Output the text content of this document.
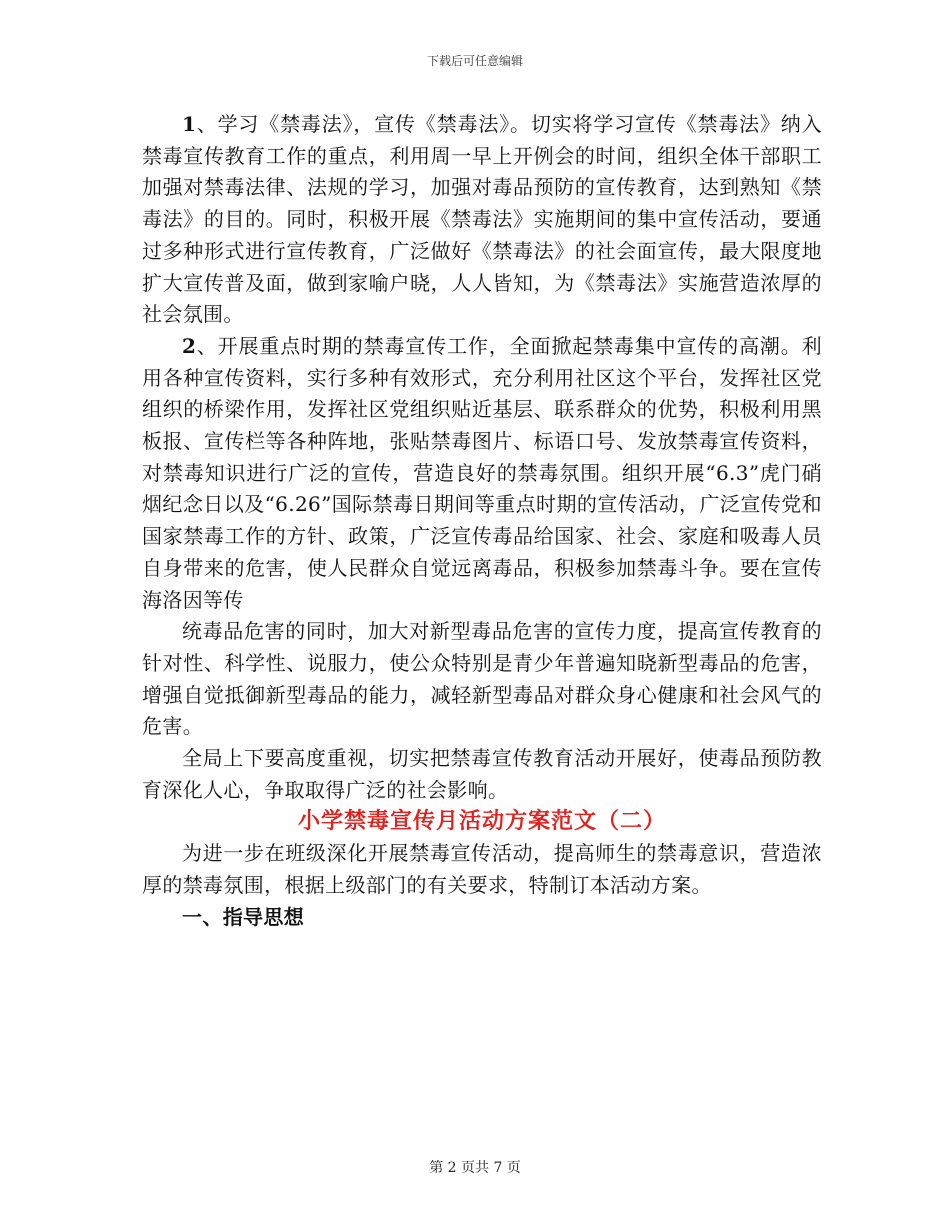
下载后可任意编辑

1、学习《禁毒法》，宣传《禁毒法》。切实将学习宣传《禁毒法》纳入禁毒宣传教育工作的重点，利用周一早上开例会的时间，组织全体干部职工加强对禁毒法律、法规的学习，加强对毒品预防的宣传教育，达到熟知《禁毒法》的目的。同时，积极开展《禁毒法》实施期间的集中宣传活动，要通过多种形式进行宣传教育，广泛做好《禁毒法》的社会面宣传，最大限度地扩大宣传普及面，做到家喻户晓，人人皆知，为《禁毒法》实施营造浓厚的社会氛围。

2、开展重点时期的禁毒宣传工作，全面掀起禁毒集中宣传的高潮。利用各种宣传资料，实行多种有效形式，充分利用社区这个平台，发挥社区党组织的桥梁作用，发挥社区党组织贴近基层、联系群众的优势，积极利用黑板报、宣传栏等各种阵地，张贴禁毒图片、标语口号、发放禁毒宣传资料，对禁毒知识进行广泛的宣传，营造良好的禁毒氛围。组织开展“6.3”虎门硝烟纪念日以及“6.26”国际禁毒日期间等重点时期的宣传活动，广泛宣传党和国家禁毒工作的方针、政策，广泛宣传毒品给国家、社会、家庭和吸毒人员自身带来的危害，使人民群众自觉远离毒品，积极参加禁毒斗争。要在宣传海洛因等传

统毒品危害的同时，加大对新型毒品危害的宣传力度，提高宣传教育的针对性、科学性、说服力，使公众特别是青少年普遍知晓新型毒品的危害，增强自觉抵御新型毒品的能力，减轻新型毒品对群众身心健康和社会风气的危害。

全局上下要高度重视，切实把禁毒宣传教育活动开展好，使毒品预防教育深化人心，争取取得广泛的社会影响。

小学禁毒宣传月活动方案范文（二）

为进一步在班级深化开展禁毒宣传活动，提高师生的禁毒意识，营造浓厚的禁毒氛围，根据上级部门的有关要求，特制订本活动方案。

一、指导思想
第 2 页共 7 页
